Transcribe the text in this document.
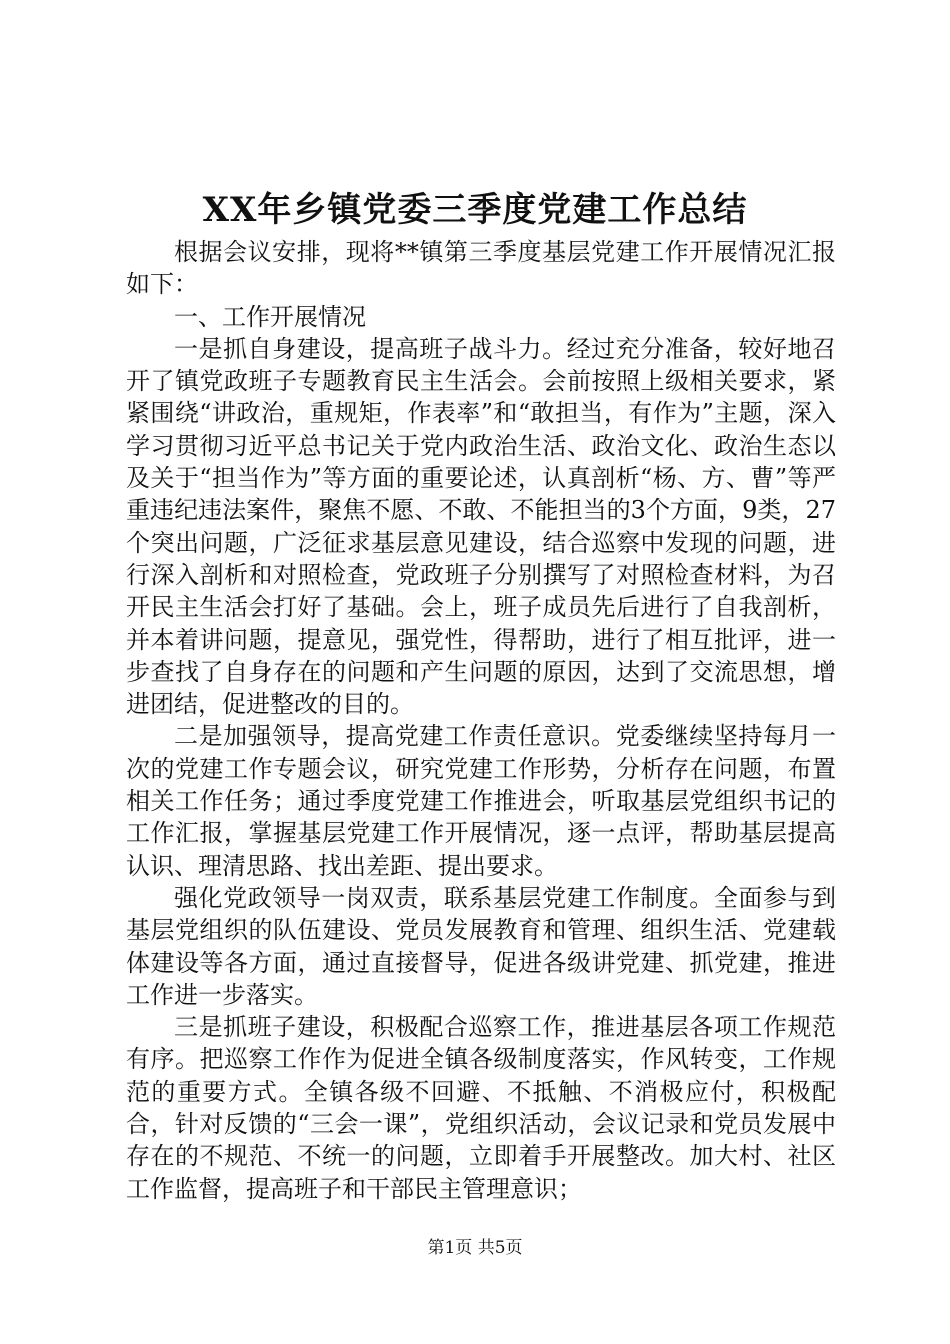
XX年乡镇党委三季度党建工作总结

根据会议安排，现将**镇第三季度基层党建工作开展情况汇报如下：

一、工作开展情况

一是抓自身建设，提高班子战斗力。经过充分准备，较好地召开了镇党政班子专题教育民主生活会。会前按照上级相关要求，紧紧围绕“讲政治，重规矩，作表率”和“敢担当，有作为”主题，深入学习贯彻习近平总书记关于党内政治生活、政治文化、政治生态以及关于“担当作为”等方面的重要论述，认真剖析“杨、方、曹”等严重违纪违法案件，聚焦不愿、不敢、不能担当的3个方面，9类，27个突出问题，广泛征求基层意见建设，结合巡察中发现的问题，进行深入剖析和对照检查，党政班子分别撰写了对照检查材料，为召开民主生活会打好了基础。会上，班子成员先后进行了自我剖析，并本着讲问题，提意见，强党性，得帮助，进行了相互批评，进一步查找了自身存在的问题和产生问题的原因，达到了交流思想，增进团结，促进整改的目的。

二是加强领导，提高党建工作责任意识。党委继续坚持每月一次的党建工作专题会议，研究党建工作形势，分析存在问题，布置相关工作任务；通过季度党建工作推进会，听取基层党组织书记的工作汇报，掌握基层党建工作开展情况，逐一点评，帮助基层提高认识、理清思路、找出差距、提出要求。

强化党政领导一岗双责，联系基层党建工作制度。全面参与到基层党组织的队伍建设、党员发展教育和管理、组织生活、党建载体建设等各方面，通过直接督导，促进各级讲党建、抓党建，推进工作进一步落实。

三是抓班子建设，积极配合巡察工作，推进基层各项工作规范有序。把巡察工作作为促进全镇各级制度落实，作风转变，工作规范的重要方式。全镇各级不回避、不抵触、不消极应付，积极配合，针对反馈的“三会一课”，党组织活动，会议记录和党员发展中存在的不规范、不统一的问题，立即着手开展整改。加大村、社区工作监督，提高班子和干部民主管理意识；

第1页 共5页
